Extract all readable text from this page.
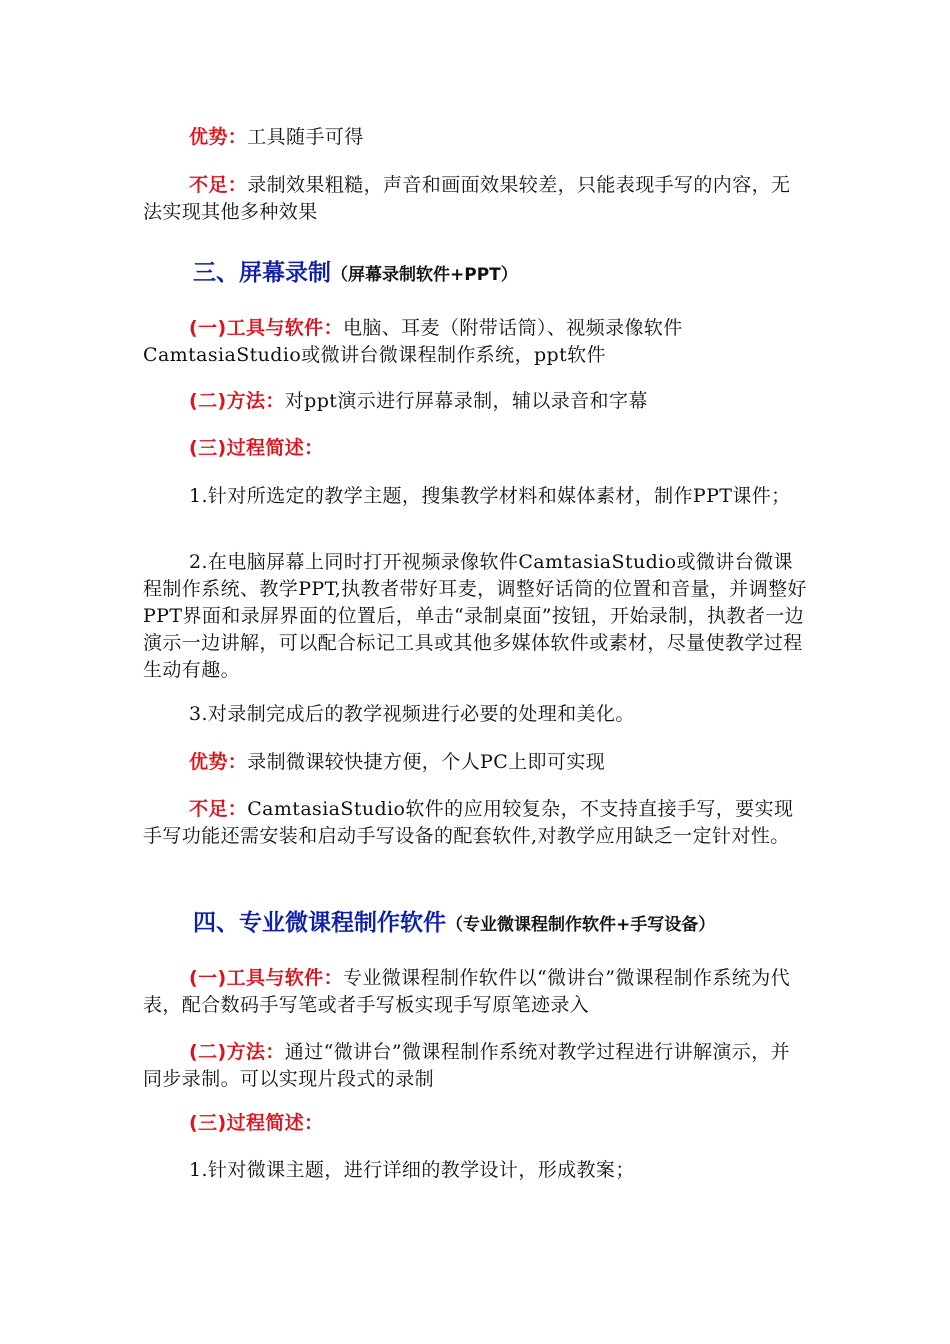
优势：工具随手可得

不足：录制效果粗糙，声音和画面效果较差，只能表现手写的内容，无法实现其他多种效果

三、屏幕录制（屏幕录制软件+PPT）

(一)工具与软件：电脑、耳麦（附带话筒）、视频录像软件CamtasiaStudio或微讲台微课程制作系统，ppt软件

(二)方法：对ppt演示进行屏幕录制，辅以录音和字幕

(三)过程简述：

1.针对所选定的教学主题，搜集教学材料和媒体素材，制作PPT课件；

2.在电脑屏幕上同时打开视频录像软件CamtasiaStudio或微讲台微课程制作系统、教学PPT,执教者带好耳麦，调整好话筒的位置和音量，并调整好PPT界面和录屏界面的位置后，单击“录制桌面”按钮，开始录制，执教者一边演示一边讲解，可以配合标记工具或其他多媒体软件或素材，尽量使教学过程生动有趣。

3.对录制完成后的教学视频进行必要的处理和美化。

优势：录制微课较快捷方便，个人PC上即可实现

不足：CamtasiaStudio软件的应用较复杂，不支持直接手写，要实现手写功能还需安装和启动手写设备的配套软件,对教学应用缺乏一定针对性。

四、专业微课程制作软件（专业微课程制作软件+手写设备）

(一)工具与软件：专业微课程制作软件以“微讲台”微课程制作系统为代表，配合数码手写笔或者手写板实现手写原笔迹录入

(二)方法：通过“微讲台”微课程制作系统对教学过程进行讲解演示，并同步录制。可以实现片段式的录制

(三)过程简述：

1.针对微课主题，进行详细的教学设计，形成教案；
